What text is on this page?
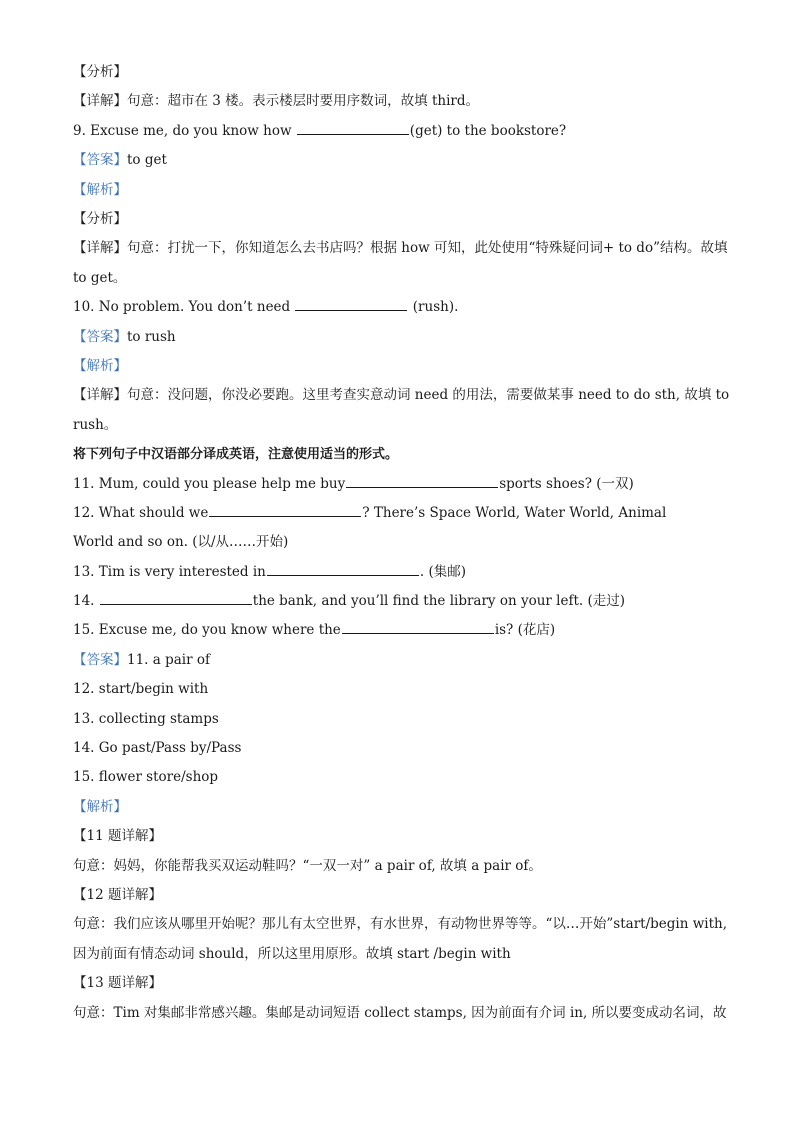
【分析】
【详解】句意：超市在 3 楼。表示楼层时要用序数词，故填 third。
9. Excuse me, do you know how	(get) to the bookstore?
【答案】to get
【解析】
【分析】
【详解】句意：打扰一下，你知道怎么去书店吗？根据 how 可知，此处使用“特殊疑问词+ to do”结构。故填 to get。
10. No problem. You don’t need	(rush).
【答案】to rush
【解析】
【详解】句意：没问题，你没必要跑。这里考查实意动词 need 的用法，需要做某事 need to do sth, 故填 to rush。
将下列句子中汉语部分译成英语，注意使用适当的形式。
11. Mum, could you please help me buy	sports shoes? (一双)
12. What should we	? There’s Space World, Water World, Animal
World and so on. (以/从……开始)
13. Tim is very interested in	. (集邮)
14.	the bank, and you’ll find the library on your left. (走过)
15. Excuse me, do you know where the	is? (花店)
【答案】11. a pair of
12. start/begin with
13. collecting stamps
14. Go past/Pass by/Pass
15. flower store/shop
【解析】
【11 题详解】
句意：妈妈，你能帮我买双运动鞋吗？“一双一对” a pair of, 故填 a pair of。
【12 题详解】
句意：我们应该从哪里开始呢？那儿有太空世界，有水世界，有动物世界等等。“以…开始”start/begin with,因为前面有情态动词 should，所以这里用原形。故填 start /begin with
【13 题详解】
句意：Tim 对集邮非常感兴趣。集邮是动词短语 collect stamps, 因为前面有介词 in, 所以要变成动名词，故
